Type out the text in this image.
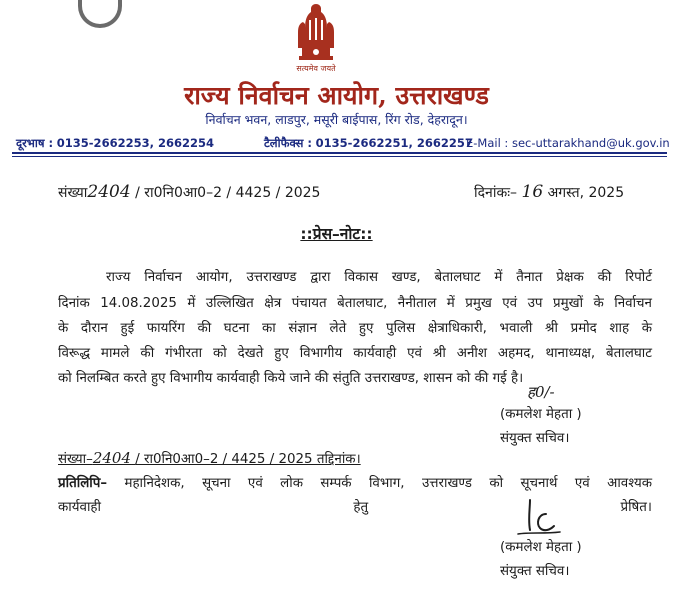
सत्यमेव जयते
राज्य निर्वाचन आयोग, उत्तराखण्ड
निर्वाचन भवन, लाडपुर, मसूरी बाईपास, रिंग रोड, देहरादून।
दूरभाष : 0135-2662253, 2662254	टैलीफैक्स : 0135-2662251, 2662257
E-Mail : sec-uttarakhand@uk.gov.in
संख्या2404 / रा0नि0आ0–2 / 4425 / 2025	दिनांकः– 16 अगस्त, 2025
::प्रेस–नोट::
राज्य निर्वाचन आयोग, उत्तराखण्ड द्वारा विकास खण्ड, बेतालघाट में तैनात प्रेक्षक की रिपोर्ट
दिनांक 14.08.2025 में उल्लिखित क्षेत्र पंचायत बेतालघाट, नैनीताल में प्रमुख एवं उप प्रमुखों के निर्वाचन
के दौरान हुई फायरिंग की घटना का संज्ञान लेते हुए पुलिस क्षेत्राधिकारी, भवाली श्री प्रमोद शाह के
विरूद्ध मामले की गंभीरता को देखते हुए विभागीय कार्यवाही एवं श्री अनीश अहमद, थानाध्यक्ष, बेतालघाट
को निलम्बित करते हुए विभागीय कार्यवाही किये जाने की संतुति उत्तराखण्ड, शासन को की गई है।
ह0/-
(कमलेश मेहता )
संयुक्त सचिव।
संख्या–2404 / रा0नि0आ0–2 / 4425 / 2025 तद्दिनांक।
प्रतिलिपि– महानिदेशक, सूचना एवं लोक सम्पर्क विभाग, उत्तराखण्ड को सूचनार्थ एवं आवश्यक
कार्यवाही हेतु प्रेषित।
(कमलेश मेहता )
संयुक्त सचिव।
